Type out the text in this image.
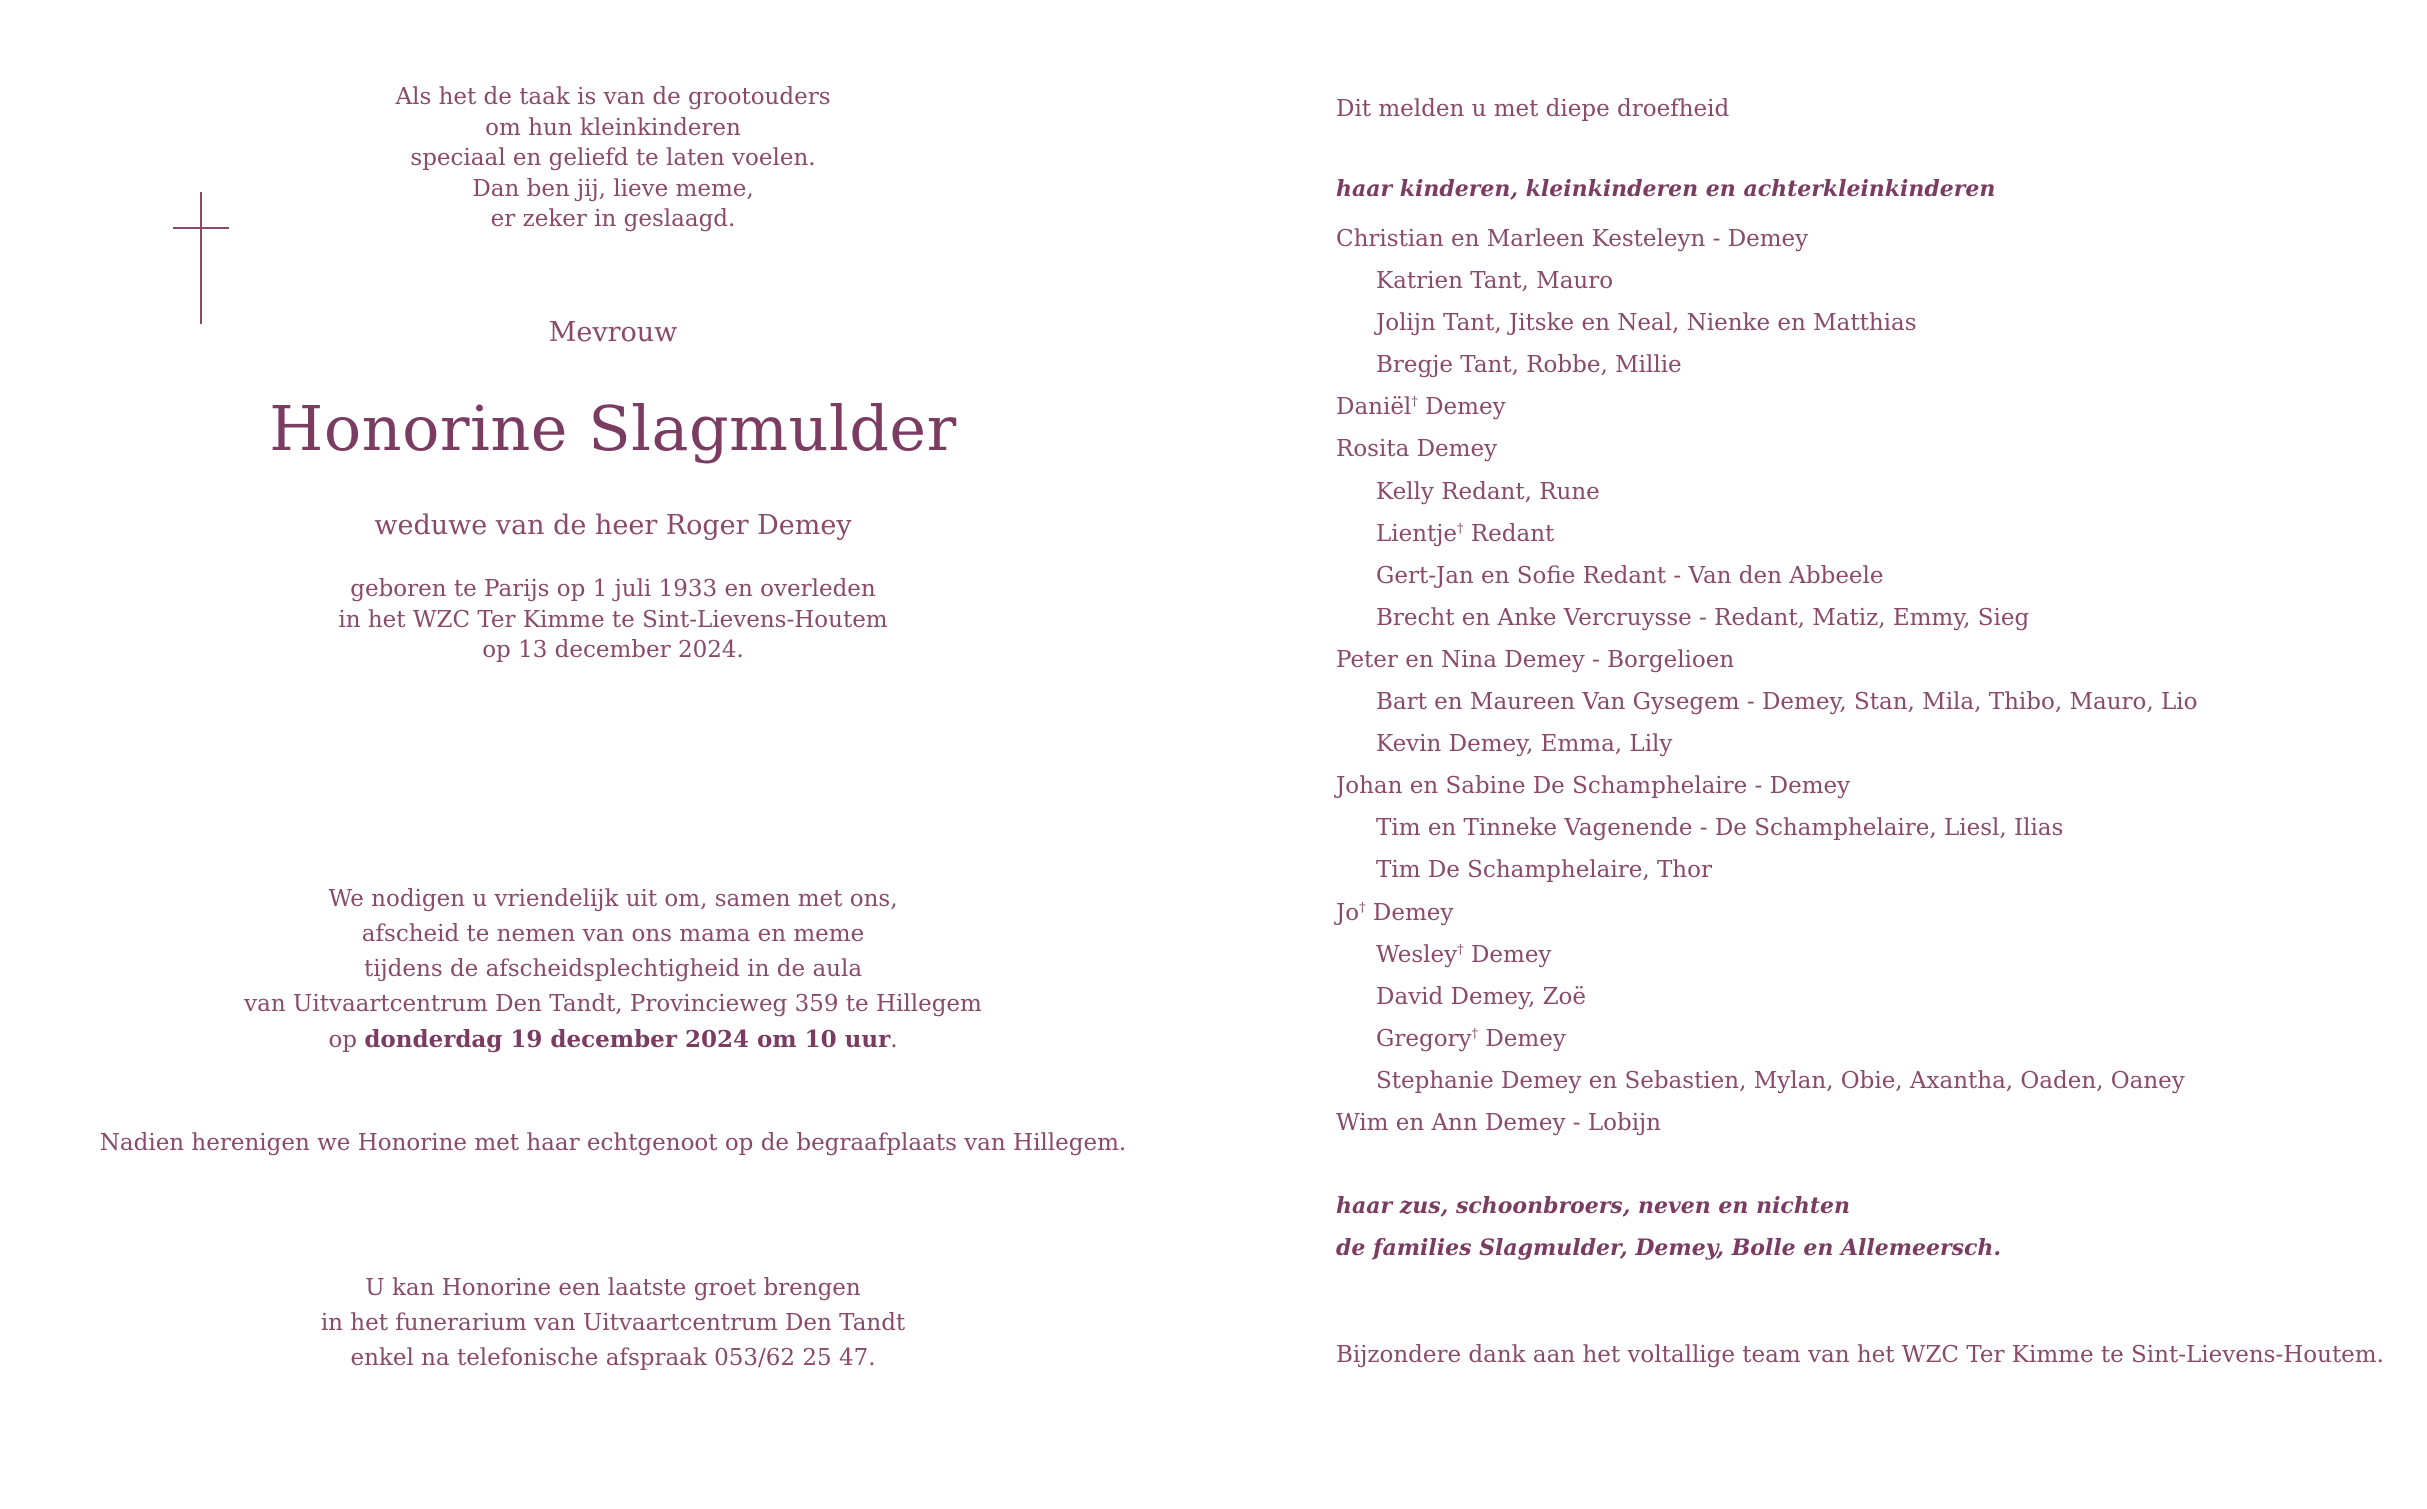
Als het de taak is van de grootouders
om hun kleinkinderen
speciaal en geliefd te laten voelen.
Dan ben jij, lieve meme,
er zeker in geslaagd.
Mevrouw
Honorine Slagmulder
weduwe van de heer Roger Demey
geboren te Parijs op 1 juli 1933 en overleden
in het WZC Ter Kimme te Sint-Lievens-Houtem
op 13 december 2024.
We nodigen u vriendelijk uit om, samen met ons,
afscheid te nemen van ons mama en meme
tijdens de afscheidsplechtigheid in de aula
van Uitvaartcentrum Den Tandt, Provincieweg 359 te Hillegem
op donderdag 19 december 2024 om 10 uur.
Nadien herenigen we Honorine met haar echtgenoot op de begraafplaats van Hillegem.
U kan Honorine een laatste groet brengen
in het funerarium van Uitvaartcentrum Den Tandt
enkel na telefonische afspraak 053/62 25 47.
Dit melden u met diepe droefheid
haar kinderen, kleinkinderen en achterkleinkinderen
Christian en Marleen Kesteleyn - Demey
Katrien Tant, Mauro
Jolijn Tant, Jitske en Neal, Nienke en Matthias
Bregje Tant, Robbe, Millie
Daniël† Demey
Rosita Demey
Kelly Redant, Rune
Lientje† Redant
Gert-Jan en Sofie Redant - Van den Abbeele
Brecht en Anke Vercruysse - Redant, Matiz, Emmy, Sieg
Peter en Nina Demey - Borgelioen
Bart en Maureen Van Gysegem - Demey, Stan, Mila, Thibo, Mauro, Lio
Kevin Demey, Emma, Lily
Johan en Sabine De Schamphelaire - Demey
Tim en Tinneke Vagenende - De Schamphelaire, Liesl, Ilias
Tim De Schamphelaire, Thor
Jo† Demey
Wesley† Demey
David Demey, Zoë
Gregory† Demey
Stephanie Demey en Sebastien, Mylan, Obie, Axantha, Oaden, Oaney
Wim en Ann Demey - Lobijn
haar zus, schoonbroers, neven en nichten
de families Slagmulder, Demey, Bolle en Allemeersch.
Bijzondere dank aan het voltallige team van het WZC Ter Kimme te Sint-Lievens-Houtem.
